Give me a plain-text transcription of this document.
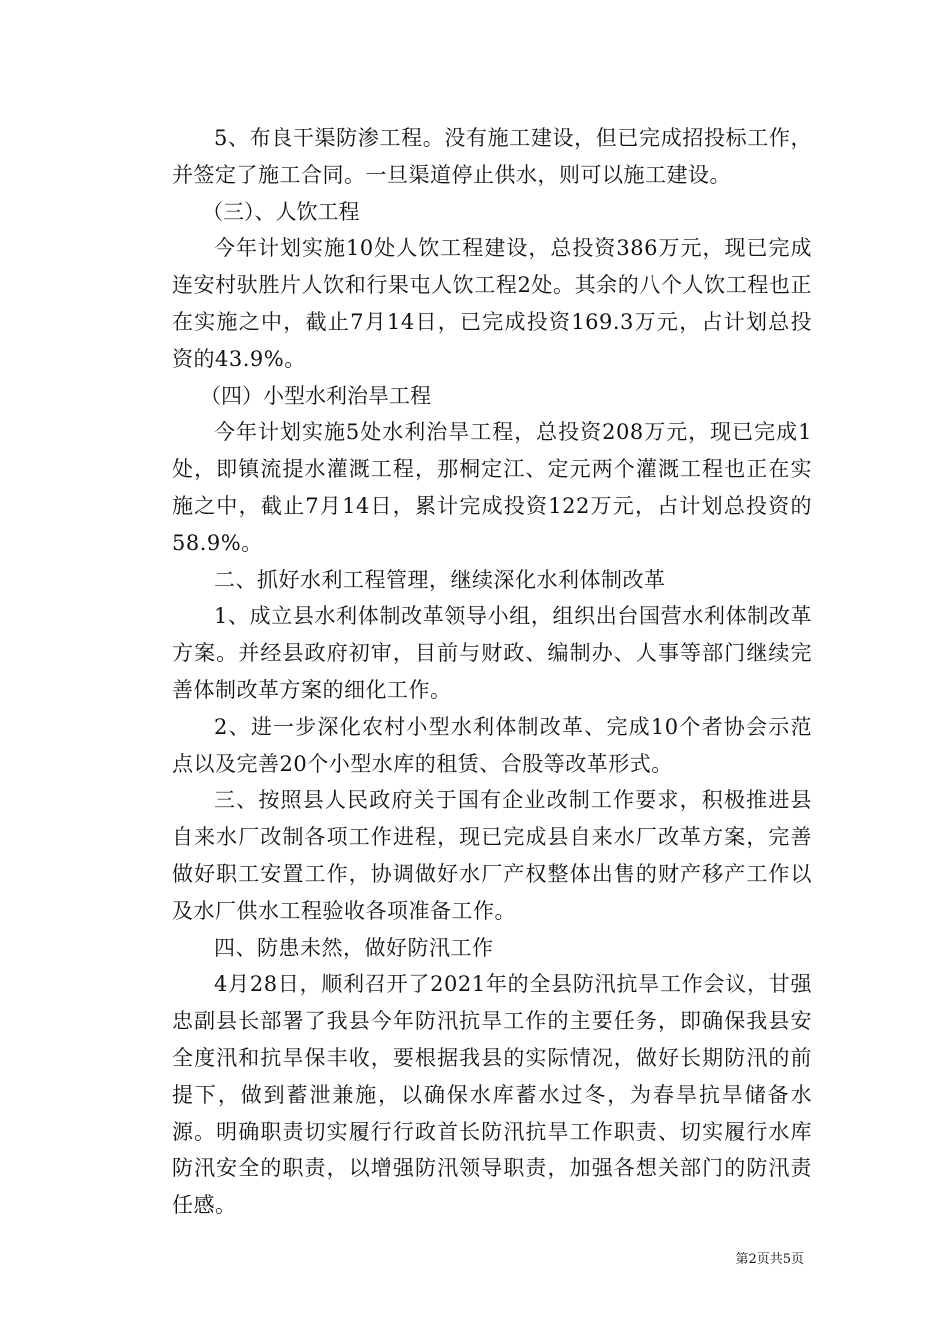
5、布良干渠防渗工程。没有施工建设，但已完成招投标工作，并签定了施工合同。一旦渠道停止供水，则可以施工建设。

（三）、人饮工程

今年计划实施10处人饮工程建设，总投资386万元，现已完成连安村驮胜片人饮和行果屯人饮工程2处。其余的八个人饮工程也正在实施之中，截止7月14日，已完成投资169.3万元，占计划总投资的43.9%。

（四）小型水利治旱工程

今年计划实施5处水利治旱工程，总投资208万元，现已完成1处，即镇流提水灌溉工程，那桐定江、定元两个灌溉工程也正在实施之中，截止7月14日，累计完成投资122万元，占计划总投资的58.9%。

二、抓好水利工程管理，继续深化水利体制改革

1、成立县水利体制改革领导小组，组织出台国营水利体制改革方案。并经县政府初审，目前与财政、编制办、人事等部门继续完善体制改革方案的细化工作。

2、进一步深化农村小型水利体制改革、完成10个者协会示范点以及完善20个小型水库的租赁、合股等改革形式。

三、按照县人民政府关于国有企业改制工作要求，积极推进县自来水厂改制各项工作进程，现已完成县自来水厂改革方案，完善做好职工安置工作，协调做好水厂产权整体出售的财产移产工作以及水厂供水工程验收各项准备工作。

四、防患未然，做好防汛工作

4月28日，顺利召开了2021年的全县防汛抗旱工作会议，甘强忠副县长部署了我县今年防汛抗旱工作的主要任务，即确保我县安全度汛和抗旱保丰收，要根据我县的实际情况，做好长期防汛的前提下，做到蓄泄兼施，以确保水库蓄水过冬，为春旱抗旱储备水源。明确职责切实履行行政首长防汛抗旱工作职责、切实履行水库防汛安全的职责，以增强防汛领导职责，加强各想关部门的防汛责任感。

第2页共5页
